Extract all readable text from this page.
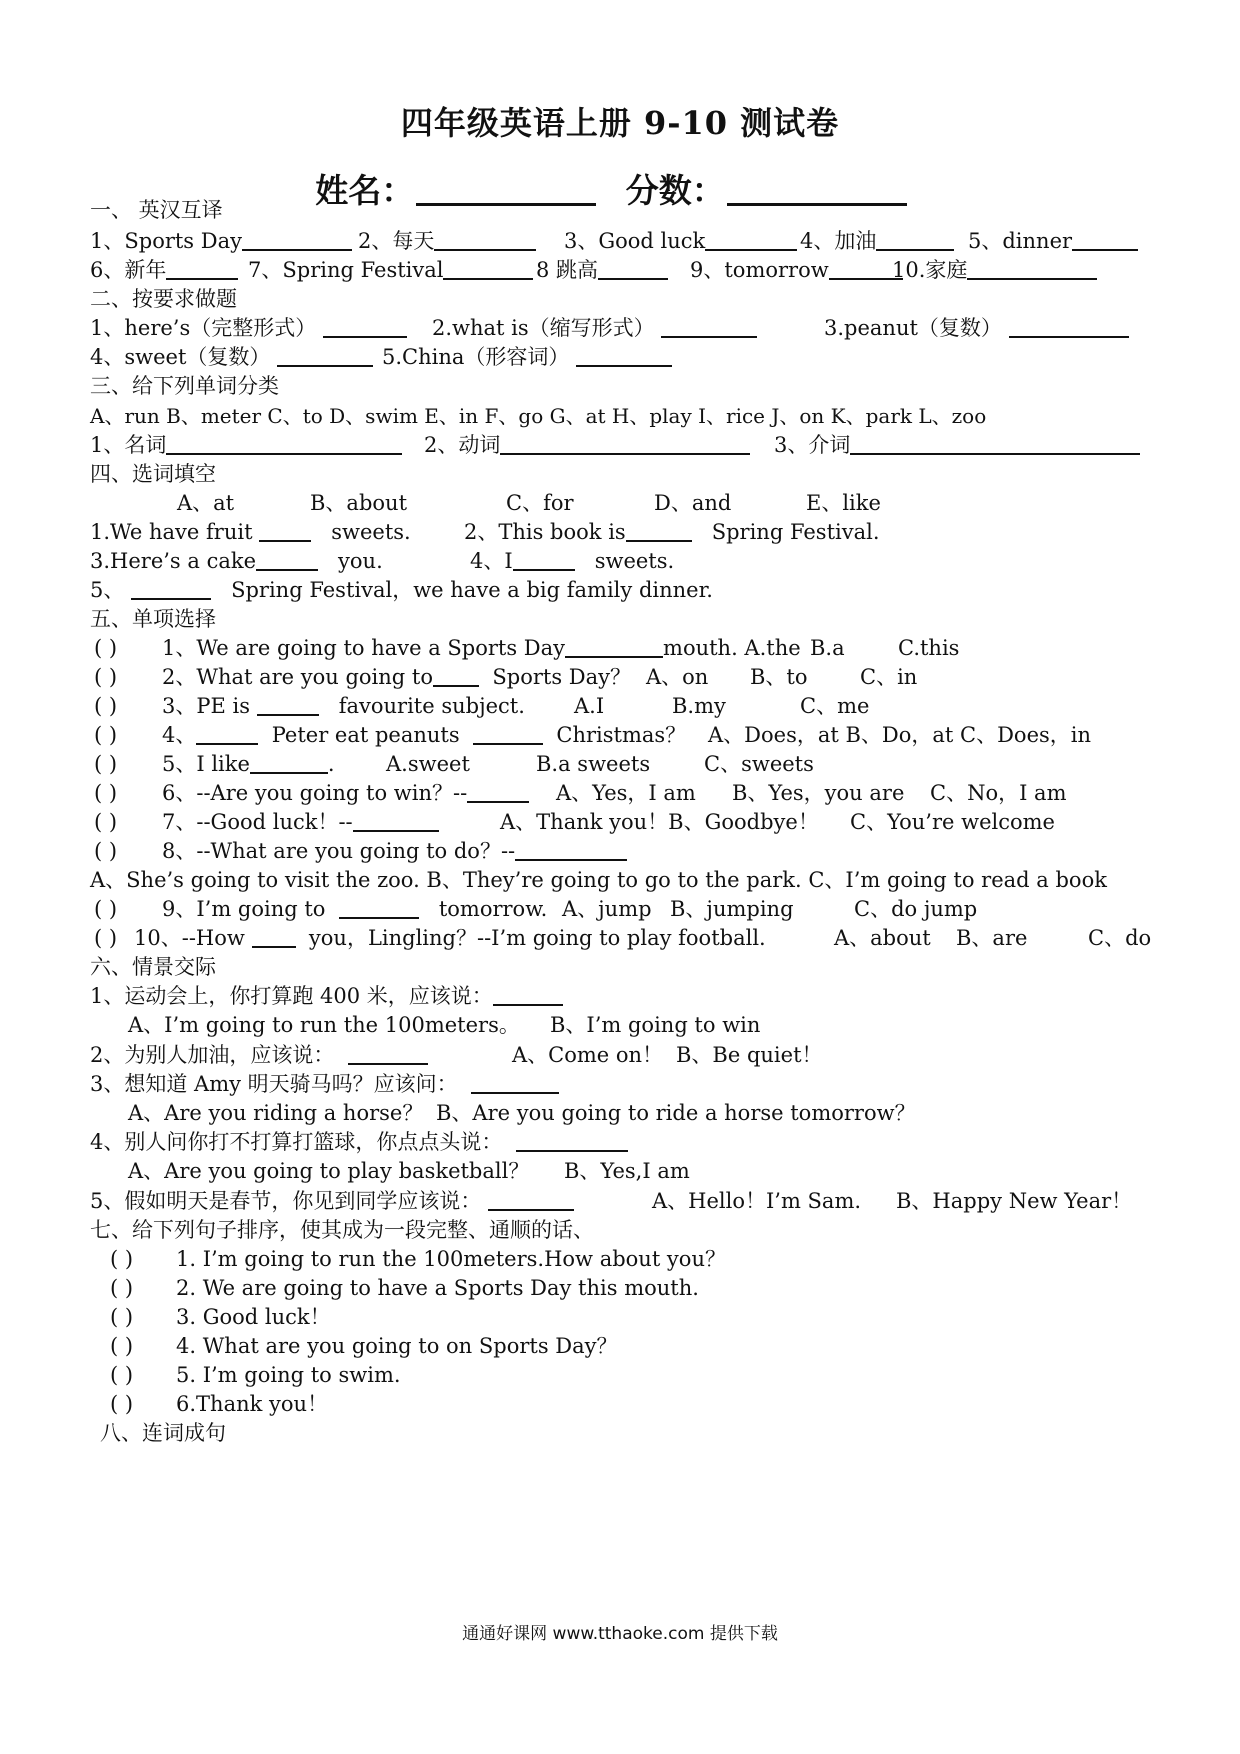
四年级英语上册 9-10 测试卷
姓名：	分数：
一、 英汉互译
1、Sports Day	2、每天	3、Good luck	4、加油	5、dinner
6、新年	7、Spring Festival	8 跳高	9、tomorrow	10.家庭
二、按要求做题
1、here’s（完整形式）	2.what is（缩写形式）	3.peanut（复数）
4、sweet（复数）	5.China（形容词）
三、给下列单词分类
A、run B、meter C、to D、swim E、in F、go G、at H、play I、rice J、on K、park L、zoo
1、名词	2、动词	3、介词
四、选词填空
A、at	B、about	C、for	D、and	E、like
1.We have fruit	sweets.	2、This book is	Spring Festival.
3.Here’s a cake	you.	4、I	sweets.
5、	Spring Festival，we have a big family dinner.
五、单项选择
( ) 1、We are going to have a Sports Day	mouth. A.the B.a	C.this
( ) 2、What are you going to	Sports Day？ A、on B、to C、in
( ) 3、PE is	favourite subject. A.I	B.my	C、me
( ) 4、	Peter eat peanuts	Christmas？ A、Does，at B、Do，at C、Does，in
( ) 5、I like	. A.sweet	B.a sweets	C、sweets
( ) 6、--Are you going to win？--	A、Yes，I am B、Yes，you are C、No，I am
( ) 7、--Good luck！--	A、Thank you！B、Goodbye！ C、You’re welcome
( ) 8、--What are you going to do？--
A、She’s going to visit the zoo. B、They’re going to go to the park. C、I’m going to read a book
( ) 9、I’m going to	tomorrow. A、jump B、jumping	C、do jump
( ) 10、--How	you，Lingling？--I’m going to play football.	A、about B、are	C、do
六、情景交际
1、运动会上，你打算跑 400 米，应该说：
A、I’m going to run the 100meters。 B、I’m going to win
2、为别人加油，应该说：	A、Come on！ B、Be quiet！
3、想知道 Amy 明天骑马吗？应该问：
A、Are you riding a horse？ B、Are you going to ride a horse tomorrow？
4、别人问你打不打算打篮球，你点点头说：
A、Are you going to play basketball？ B、Yes,I am
5、假如明天是春节，你见到同学应该说：	A、Hello！I’m Sam. B、Happy New Year！
七、给下列句子排序，使其成为一段完整、通顺的话、
( ) 1. I’m going to run the 100meters.How about you？
( ) 2. We are going to have a Sports Day this mouth.
( ) 3. Good luck！
( ) 4. What are you going to on Sports Day？
( ) 5. I’m going to swim.
( ) 6.Thank you！
八、连词成句
通通好课网 www.tthaoke.com 提供下载
